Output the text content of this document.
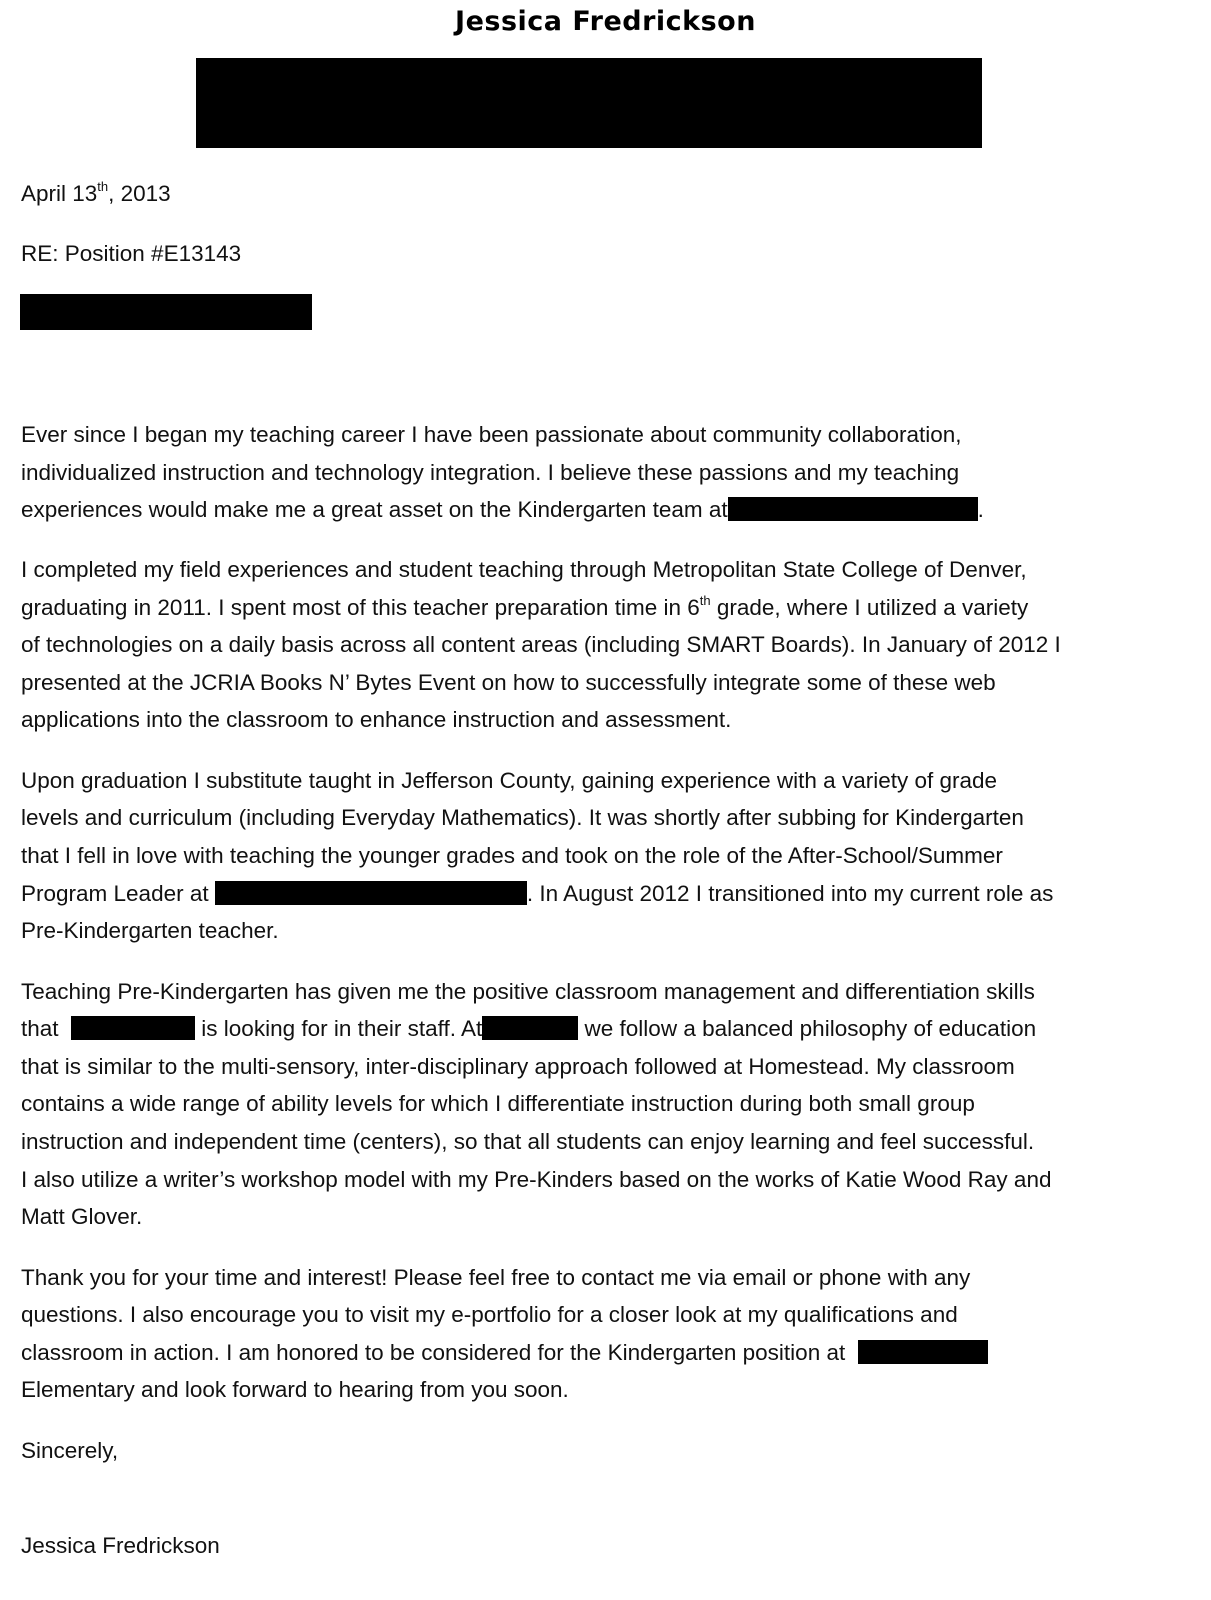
Jessica Fredrickson
April 13th, 2013
RE: Position #E13143
Ever since I began my teaching career I have been passionate about community collaboration,
individualized instruction and technology integration. I believe these passions and my teaching
experiences would make me a great asset on the Kindergarten team at	.
I completed my field experiences and student teaching through Metropolitan State College of Denver,
graduating in 2011. I spent most of this teacher preparation time in 6th grade, where I utilized a variety
of technologies on a daily basis across all content areas (including SMART Boards). In January of 2012 I
presented at the JCRIA Books N’ Bytes Event on how to successfully integrate some of these web
applications into the classroom to enhance instruction and assessment.
Upon graduation I substitute taught in Jefferson County, gaining experience with a variety of grade
levels and curriculum (including Everyday Mathematics). It was shortly after subbing for Kindergarten
that I fell in love with teaching the younger grades and took on the role of the After-School/Summer
Program Leader at	. In August 2012 I transitioned into my current role as
Pre-Kindergarten teacher.
Teaching Pre-Kindergarten has given me the positive classroom management and differentiation skills
that	is looking for in their staff. At	we follow a balanced philosophy of education
that is similar to the multi-sensory, inter-disciplinary approach followed at Homestead. My classroom
contains a wide range of ability levels for which I differentiate instruction during both small group
instruction and independent time (centers), so that all students can enjoy learning and feel successful.
I also utilize a writer’s workshop model with my Pre-Kinders based on the works of Katie Wood Ray and
Matt Glover.
Thank you for your time and interest! Please feel free to contact me via email or phone with any
questions. I also encourage you to visit my e-portfolio for a closer look at my qualifications and
classroom in action. I am honored to be considered for the Kindergarten position at
Elementary and look forward to hearing from you soon.
Sincerely,
Jessica Fredrickson
